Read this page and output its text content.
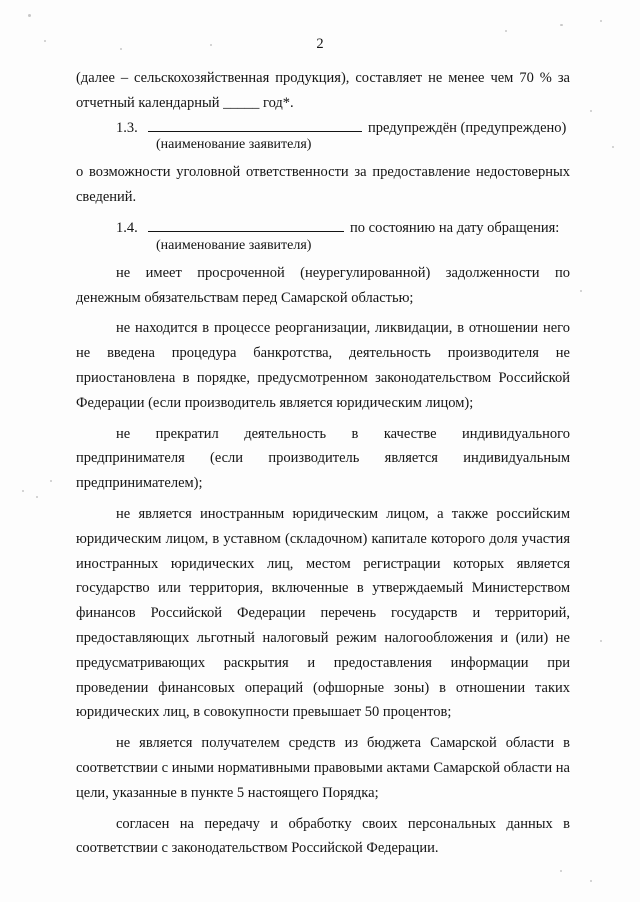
2

(далее – сельскохозяйственная продукция), составляет не менее чем 70 % за отчетный календарный _____ год*.

1.3.	предупреждён (предупреждено)
(наименование заявителя)

о возможности уголовной ответственности за предоставление недостоверных сведений.

1.4.	по состоянию на дату обращения:
(наименование заявителя)

не имеет просроченной (неурегулированной) задолженности по денежным обязательствам перед Самарской областью;

не находится в процессе реорганизации, ликвидации, в отношении него не введена процедура банкротства, деятельность производителя не приостановлена в порядке, предусмотренном законодательством Российской Федерации (если производитель является юридическим лицом);

не прекратил деятельность в качестве индивидуального предпринимателя (если производитель является индивидуальным предпринимателем);

не является иностранным юридическим лицом, а также российским юридическим лицом, в уставном (складочном) капитале которого доля участия иностранных юридических лиц, местом регистрации которых является государство или территория, включенные в утверждаемый Министерством финансов Российской Федерации перечень государств и территорий, предоставляющих льготный налоговый режим налогообложения и (или) не предусматривающих раскрытия и предоставления информации при проведении финансовых операций (офшорные зоны) в отношении таких юридических лиц, в совокупности превышает 50 процентов;

не является получателем средств из бюджета Самарской области в соответствии с иными нормативными правовыми актами Самарской области на цели, указанные в пункте 5 настоящего Порядка;

согласен на передачу и обработку своих персональных данных в соответствии с законодательством Российской Федерации.
